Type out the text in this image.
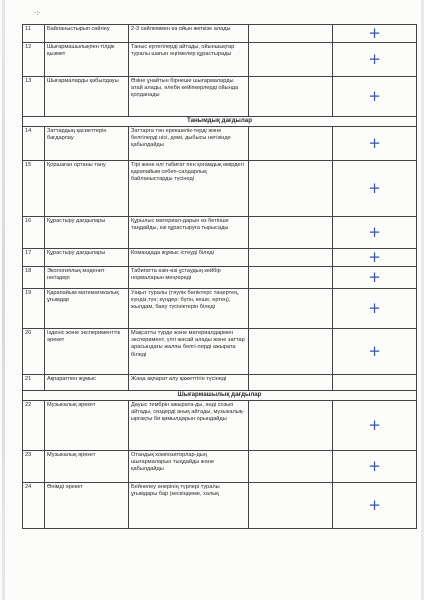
·:·
11	Байланыстырып сөйлеу	2-3 сөйлеммен өз ойын жеткізе алады		+
12	Шығармашылықпен тілдік қызмет	Таныс ертегілерді айтады, ойыншықтар туралы шағын әңгімелер құрастырады		+
13	Шығармаларды қабылдауы	Өзіне ұнайтын бірнеше шығармаларды атай алады, әлеби кейіпкерлерді ойында қолданады		+
Танымдық дағдылар				
14	Заттардың қасиеттерін бағдарлау	Заттарға тән ерекшелік-терді және белгілерді нісі, дәмі, дыбысы негізінде қабылдайды		+
15	Қоршаған ортаны тану	Тірі және өлі табиғат пен қоғамдық өмірдегі қарапайым себеп-салдарлық байланыстарды түсінеді		+
16	Құрастыру дағдылары	Құрылыс материал-дарын өз бетінше таңдайды, өзі құрастыруға тырысады		+
17	Құрастыру дағдылары	Командада жұмыс істеуді біледі		+
18	Экологиялық мәденит негіздері	Табиғатта өзін-өзі ұстаудың кейбір нормаларын меңгереді		+
19	Қарапайым математикалық ұғымдар	Уақыт туралы (тәулік бөліктері: таңертең, күндіз,түн; күндер: бүгін, кеше, ертең), жылдам, баяу түсініктерін біледі		+
20	Ізденіс және эксперименттік әрекет	Мақсатты түрде және материалдармен эксперимент, үлгі жасай алады және заттар арасындағы жалпы белгі-лерді ажырата біледі		+
21	Ақпаратпен жұмыс	Жаңа ақпарат алу қажеттігін түсінеді		
Шығармашылық дағдылар				
22	Музыкалық әрекет	Дауыс тембрін ажырата-ды, әнді созып айтады, сөздерді анық айтады, музыкалық-ырғақты би қимылдарын орындайды		+
23	Музыкалық әрекет	Отандық композиторлар-дың шығармаларын тыңдайды және қабылдайды		+
24	Өнімді әрекет	Бейнелеу өнерінің түрлері туралы ұғымдары бар (кескіндеме, халық		+
